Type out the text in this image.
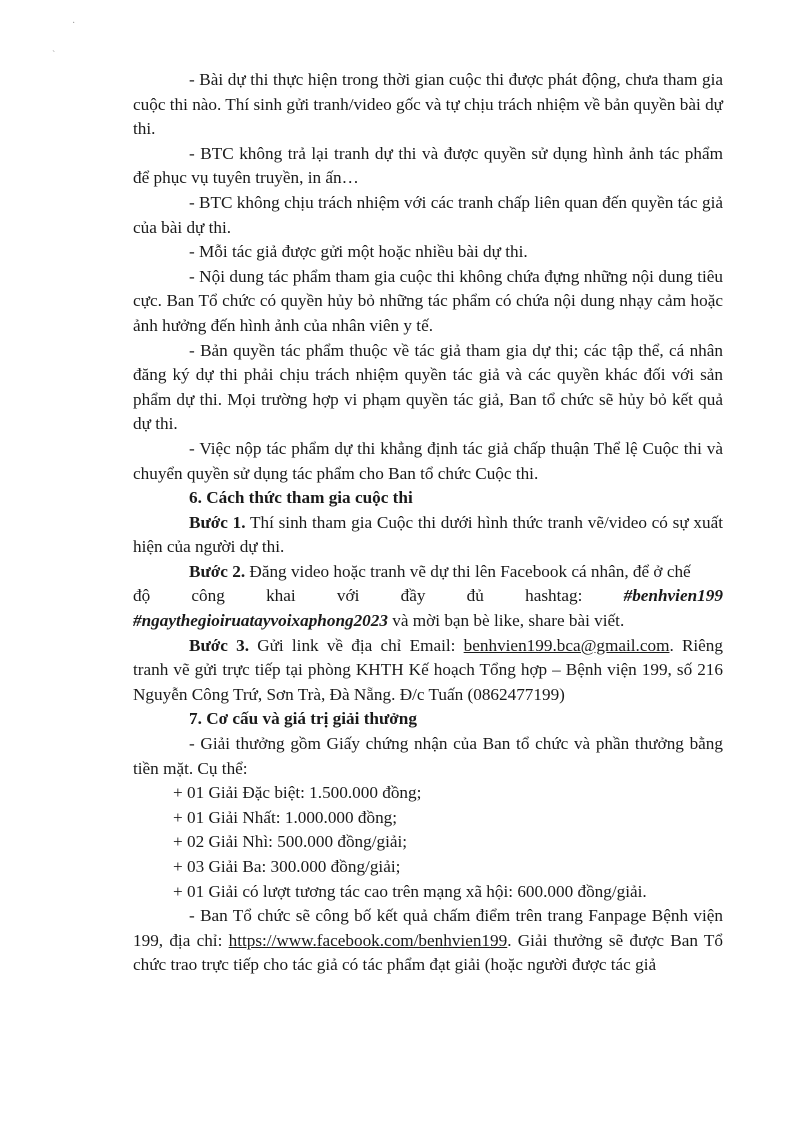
`
·

- Bài dự thi thực hiện trong thời gian cuộc thi được phát động, chưa tham gia cuộc thi nào. Thí sinh gửi tranh/video gốc và tự chịu trách nhiệm về bản quyền bài dự thi.

- BTC không trả lại tranh dự thi và được quyền sử dụng hình ảnh tác phẩm để phục vụ tuyên truyền, in ấn…

- BTC không chịu trách nhiệm với các tranh chấp liên quan đến quyền tác giả của bài dự thi.

- Mỗi tác giả được gửi một hoặc nhiều bài dự thi.

- Nội dung tác phẩm tham gia cuộc thi không chứa đựng những nội dung tiêu cực. Ban Tổ chức có quyền hủy bỏ những tác phẩm có chứa nội dung nhạy cảm hoặc ảnh hưởng đến hình ảnh của nhân viên y tế.

- Bản quyền tác phẩm thuộc về tác giả tham gia dự thi; các tập thể, cá nhân đăng ký dự thi phải chịu trách nhiệm quyền tác giả và các quyền khác đối với sản phẩm dự thi. Mọi trường hợp vi phạm quyền tác giả, Ban tổ chức sẽ hủy bỏ kết quả dự thi.

- Việc nộp tác phẩm dự thi khẳng định tác giả chấp thuận Thể lệ Cuộc thi và chuyển quyền sử dụng tác phẩm cho Ban tổ chức Cuộc thi.

6. Cách thức tham gia cuộc thi

Bước 1. Thí sinh tham gia Cuộc thi dưới hình thức tranh vẽ/video có sự xuất hiện của người dự thi.

Bước 2. Đăng video hoặc tranh vẽ dự thi lên Facebook cá nhân, để ở chế

độ công khai với đầy đủ hashtag: #benhvien199

#ngaythegioiruatayvoixaphong2023 và mời bạn bè like, share bài viết.

Bước 3. Gửi link về địa chỉ Email: benhvien199.bca@gmail.com. Riêng tranh vẽ gửi trực tiếp tại phòng KHTH Kế hoạch Tổng hợp – Bệnh viện 199, số 216 Nguyễn Công Trứ, Sơn Trà, Đà Nẵng. Đ/c Tuấn (0862477199)

7. Cơ cấu và giá trị giải thưởng

- Giải thưởng gồm Giấy chứng nhận của Ban tổ chức và phần thưởng bằng tiền mặt. Cụ thể:

+ 01 Giải Đặc biệt: 1.500.000 đồng;

+ 01 Giải Nhất: 1.000.000 đồng;

+ 02 Giải Nhì: 500.000 đồng/giải;

+ 03 Giải Ba: 300.000 đồng/giải;

+ 01 Giải có lượt tương tác cao trên mạng xã hội: 600.000 đồng/giải.

- Ban Tổ chức sẽ công bố kết quả chấm điểm trên trang Fanpage Bệnh viện 199, địa chỉ: https://www.facebook.com/benhvien199. Giải thưởng sẽ được Ban Tổ chức trao trực tiếp cho tác giả có tác phẩm đạt giải (hoặc người được tác giả
